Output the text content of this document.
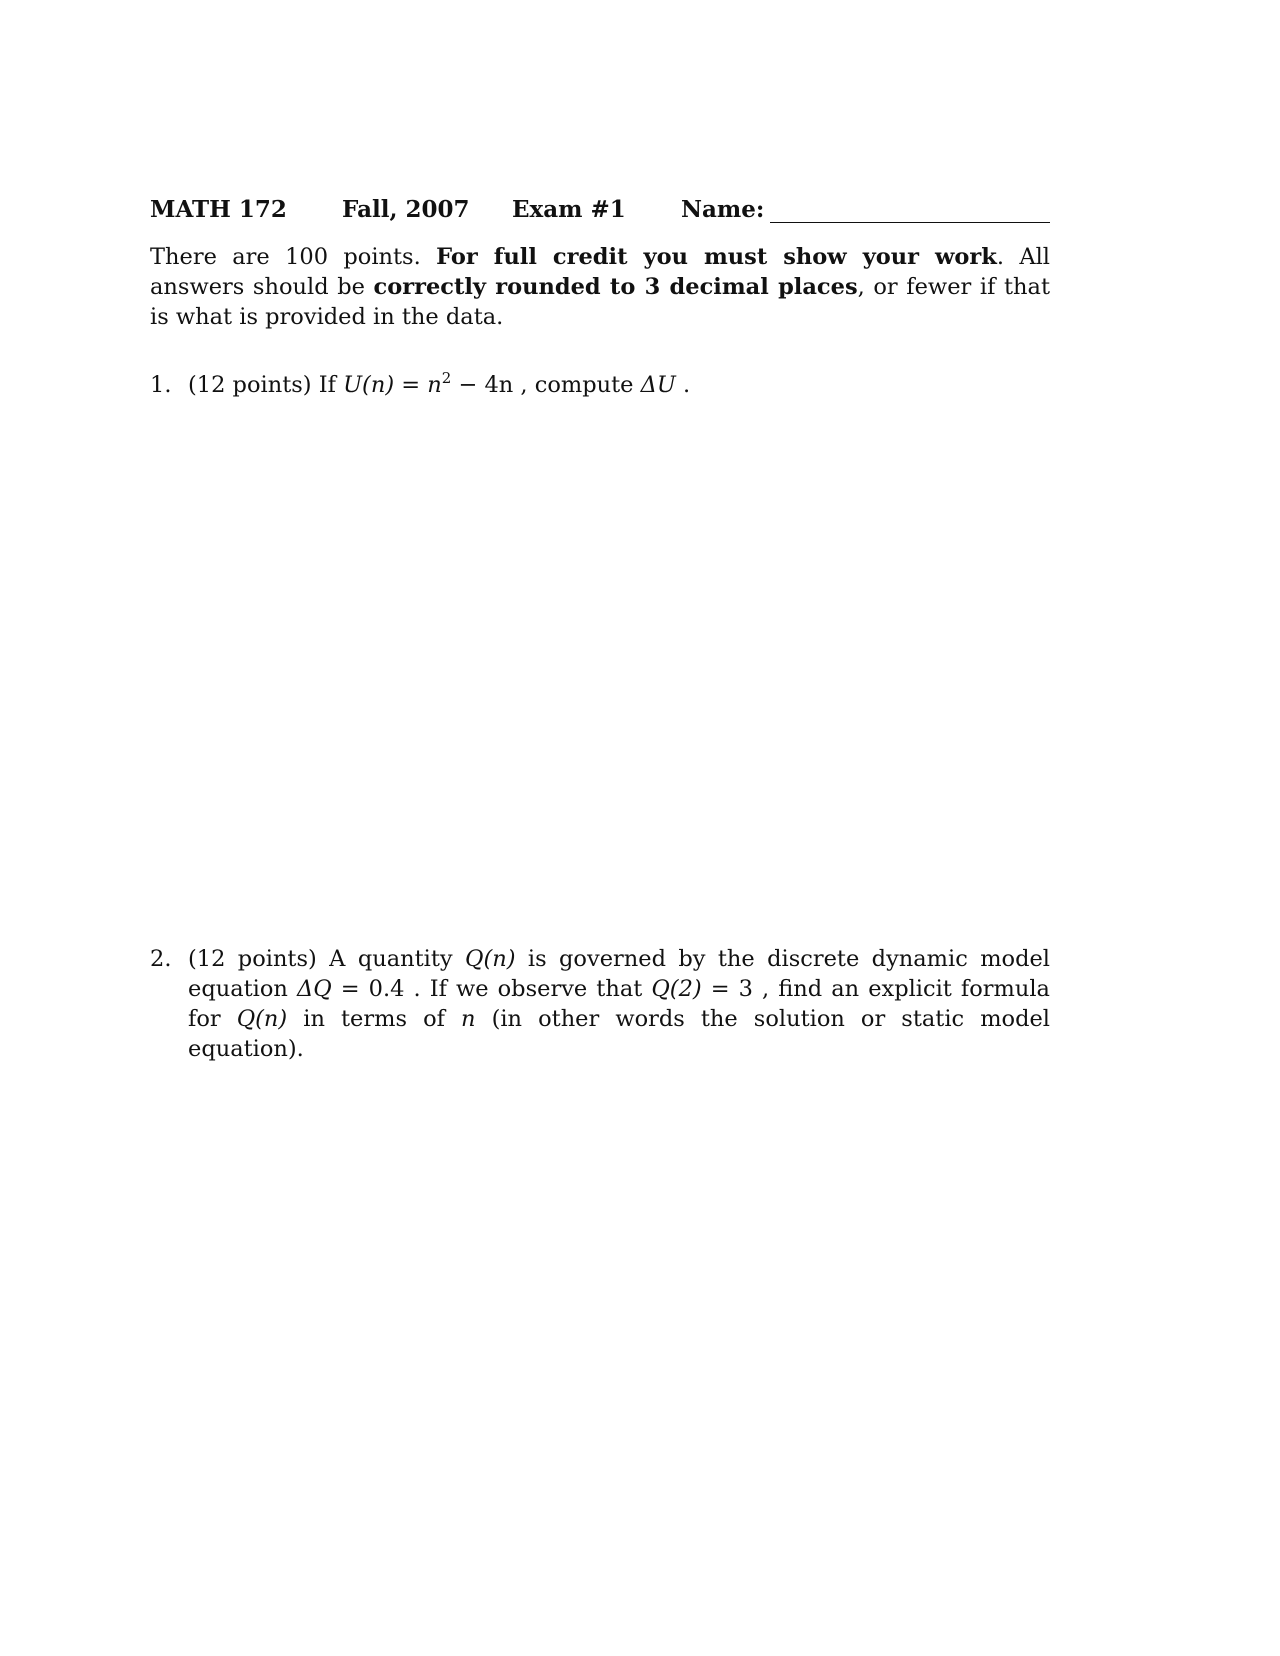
MATH 172 Fall, 2007 Exam #1 Name:

There are 100 points. For full credit you must show your work. All answers should be correctly rounded to 3 decimal places, or fewer if that is what is provided in the data.

1. (12 points) If $U(n) = n^2 - 4n$ , compute ΔU .
2. (12 points) A quantity Q(n) is governed by the discrete dynamic model equation ΔQ = 0.4 . If we observe that Q(2) = 3 , find an explicit formula for Q(n) in terms of n (in other words the solution or static model equation).
